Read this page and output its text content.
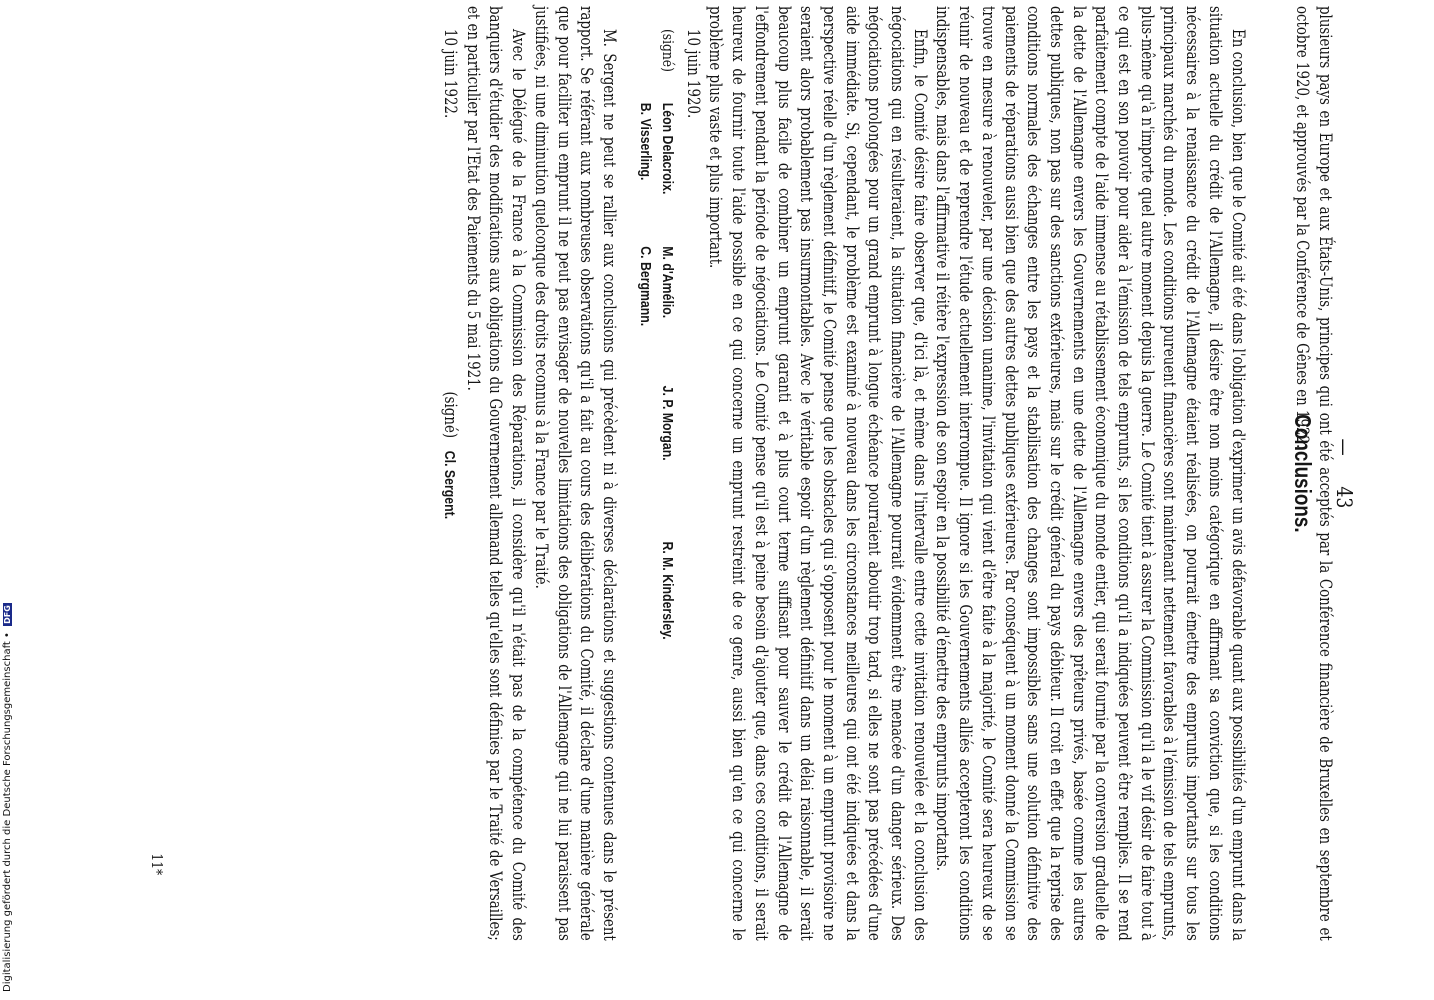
—  43
Conclusions. plusieurs pays en Europe et aux États-Unis, principes qui ont été acceptés par la Conférence financière de Bruxelles en septembre et octobre 1920, et approuvés par la Conférence de Gênes en 1922.

En conclusion, bien que le Comité ait été dans l'obligation d'exprimer un avis défavorable quant aux possibilités d'un emprunt dans la situation actuelle du crédit de l'Allemagne, il désire être non moins catégorique en affirmant sa conviction que, si les conditions nécessaires à la renaissance du crédit de l'Allemagne étaient réalisées, on pourrait émettre des emprunts importants sur tous les principaux marchés du monde. Les conditions pureuent financières sont maintenant nettement favorables à l'émission de tels emprunts, plus-même qu'à n'importe quel autre moment depuis la guerre. Le Comité tient à assurer la Commission qu'il a le vif désir de faire tout à ce qui est en son pouvoir pour aider à l'émission de tels emprunts, si les conditions qu'il a indiquées peuvent être remplies. Il se rend parfaitement compte de l'aide immense au rétablissement économique du monde entier, qui serait fournie par la conversion graduelle de la dette de l'Allemagne envers les Gouvernements en une dette de l'Allemagne envers des prêteurs privés, basée comme les autres dettes publiques, non pas sur des sanctions extérieures, mais sur le crédit général du pays débiteur. Il croit en effet que la reprise des conditions normales des échanges entre les pays et la stabilisation des changes sont impossibles sans une solution définitive des paiements de réparations aussi bien que des autres dettes publiques extérieures. Par conséquent à un moment donné la Commission se trouve en mesure à renouveler, par une décision unanime, l'invitation qui vient d'être faite à la majorité, le Comité sera heureux de se réunir de nouveau et de reprendre l'étude actuellement interrompue. Il ignore si les Gouvernements alliés accepteront les conditions indispensables, mais dans l'affirmative il réitère l'expression de son espoir en la possibilité d'émettre des emprunts importants.

Enfin, le Comité désire faire observer que, d'ici là, et même dans l'intervalle entre cette invitation renouvelée et la conclusion des négociations qui en résulteraient, la situation financière de l'Allemagne pourrait évidemment être menacée d'un danger sérieux. Des négociations prolongées pour un grand emprunt à longue échéance pourraient aboutir trop tard, si elles ne sont pas précédées d'une aide immédiate. Si, cependant, le problème est examiné à nouveau dans les circonstances meilleures qui ont été indiquées et dans la perspective réelle d'un règlement définitif, le Comité pense que les obstacles qui s'opposent pour le moment à un emprunt provisoire ne seraient alors probablement pas insurmontables. Avec le véritable espoir d'un règlement définitif dans un délai raisonnable, il serait beaucoup plus facile de combiner un emprunt garanti et à plus court terme suffisant pour sauver le crédit de l'Allemagne de l'effondrement pendant la période de négociations. Le Comité pense qu'il est à peine besoin d'ajouter que, dans ces conditions, il serait heureux de fournir toute l'aide possible en ce qui concerne un emprunt restreint de ce genre, aussi bien qu'en ce qui concerne le problème plus vaste et plus important.

10 juin 1920.

(signé)
Léon Delacroix.
M. d'Amélio.
J. P. Morgan.
R. M. Kindersley.
B. Visserling.
C. Bergmann.

M. Sergent ne peut se rallier aux conclusions qui précèdent ni à diverses déclarations et suggestions contenues dans le présent rapport. Se référant aux nombreuses observations qu'il a fait au cours des délibérations du Comité, il déclare d'une manière générale que pour faciliter un emprunt il ne peut pas envisager de nouvelles limitations des obligations de l'Allemagne qui ne lui paraissent pas justifiées, ni une diminution quelconque des droits reconnus à la France par le Traité.

Avec le Délégué de la France à la Commission des Réparations, il considère qu'il n'était pas de la compétence du Comité des banquiers d'étudier des modifications aux obligations du Gouvernement allemand telles qu'elles sont définies par le Traité de Versailles; et en particulier par l'Etat des Paiements du 5 mai 1921.

10 juin 1922. (signé)   Cl. Sergent.

11*
Digitalisierung gefördert durch die Deutsche Forschungsgemeinschaft • DFG
